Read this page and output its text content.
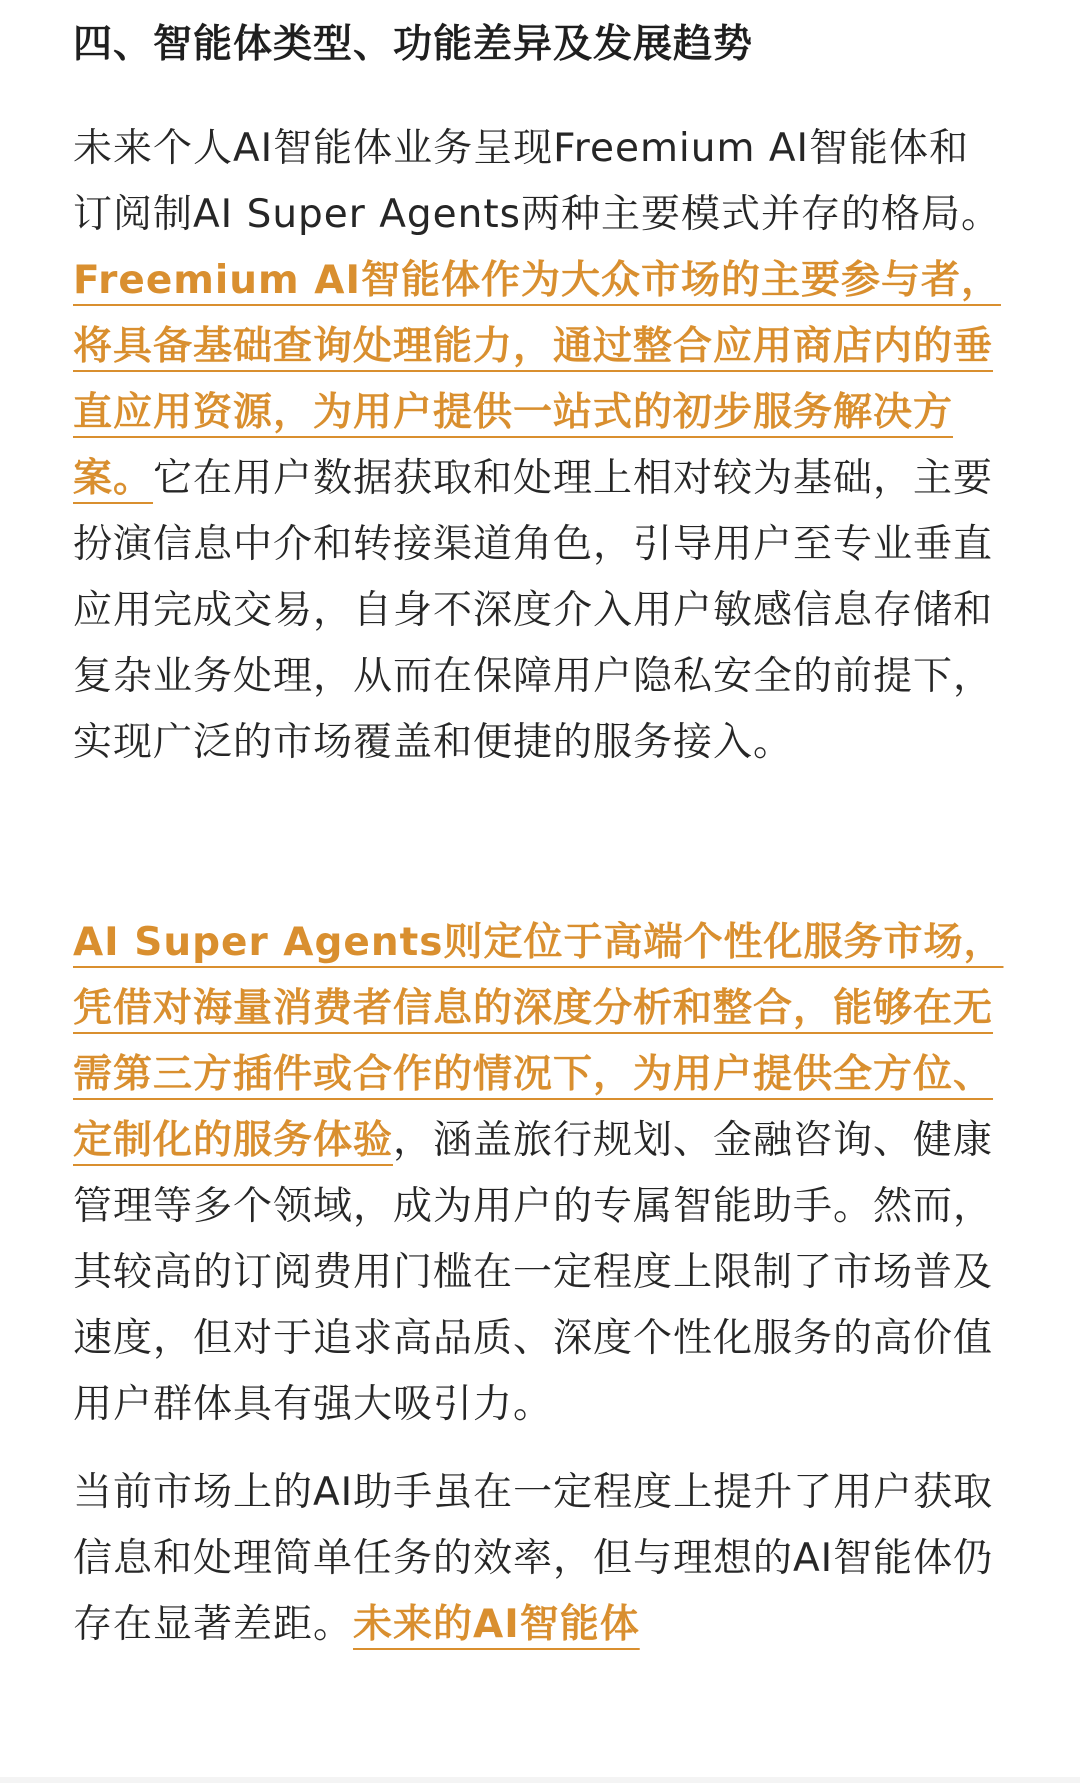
四、智能体类型、功能差异及发展趋势

未来个人AI智能体业务呈现Freemium AI智能体和订阅制AI Super Agents两种主要模式并存的格局。Freemium AI智能体作为大众市场的主要参与者，将具备基础查询处理能力，通过整合应用商店内的垂直应用资源，为用户提供一站式的初步服务解决方案。它在用户数据获取和处理上相对较为基础，主要扮演信息中介和转接渠道角色，引导用户至专业垂直应用完成交易，自身不深度介入用户敏感信息存储和复杂业务处理，从而在保障用户隐私安全的前提下，实现广泛的市场覆盖和便捷的服务接入。

AI Super Agents则定位于高端个性化服务市场，凭借对海量消费者信息的深度分析和整合，能够在无需第三方插件或合作的情况下，为用户提供全方位、定制化的服务体验，涵盖旅行规划、金融咨询、健康管理等多个领域，成为用户的专属智能助手。然而，其较高的订阅费用门槛在一定程度上限制了市场普及速度，但对于追求高品质、深度个性化服务的高价值用户群体具有强大吸引力。

当前市场上的AI助手虽在一定程度上提升了用户获取信息和处理简单任务的效率，但与理想的AI智能体仍存在显著差距。未来的AI智能体
